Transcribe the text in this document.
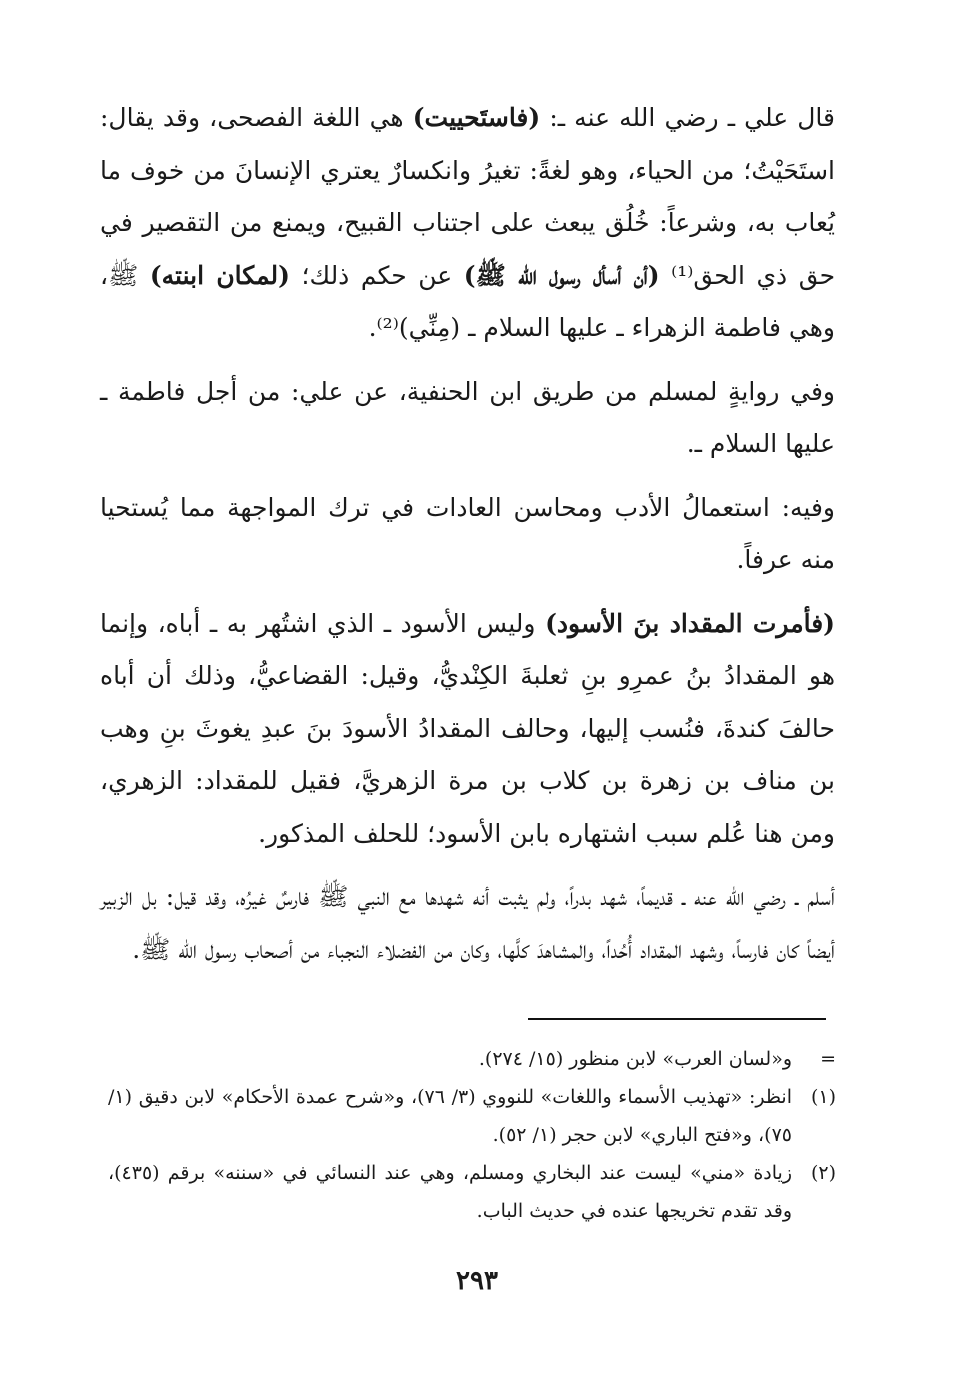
قال علي ـ رضي الله عنه ـ: (فاستَحييت) هي اللغة الفصحى، وقد يقال: استَحَيْتُ؛ من الحياء، وهو لغةً: تغيرُ وانكسارٌ يعتري الإنسانَ من خوف ما يُعاب به، وشرعاً: خُلُق يبعث على اجتناب القبيح، ويمنع من التقصير في حق ذي الحق⁽¹⁾ (أن أسأل رسول الله ﷺ) عن حكم ذلك؛ (لمكان ابنته) ﷺ، وهي فاطمة الزهراء ـ عليها السلام ـ (مِنِّي)⁽²⁾.

وفي روايةٍ لمسلم من طريق ابن الحنفية، عن علي: من أجل فاطمة ـ عليها السلام ـ.

وفيه: استعمالُ الأدب ومحاسن العادات في ترك المواجهة مما يُستحيا منه عرفاً.

(فأمرت المقداد بنَ الأسود) وليس الأسود ـ الذي اشتُهر به ـ أباه، وإنما هو المقدادُ بنُ عمرِو بنِ ثعلبةَ الكِنْديُّ، وقيل: القضاعيُّ، وذلك أن أباه حالفَ كندةَ، فنُسب إليها، وحالف المقدادُ الأسودَ بنَ عبدِ يغوثَ بنِ وهب بن مناف بن زهرة بن كلاب بن مرة الزهريَّ، فقيل للمقداد: الزهري، ومن هنا عُلم سبب اشتهاره بابن الأسود؛ للحلف المذكور.

أسلم ـ رضي الله عنه ـ قديماً، شهد بدراً، ولم يثبت أنه شهدها مع النبي ﷺ فارسٌ غيرُه، وقد قيل: بل الزبير أيضاً كان فارساً، وشهد المقداد أُحُداً، والمشاهدَ كلَّها، وكان من الفضلاء النجباء من أصحاب رسول الله ﷺ.

=
و«لسان العرب» لابن منظور (١٥/ ٢٧٤).
(١)
انظر: «تهذيب الأسماء واللغات» للنووي (٣/ ٧٦)، و«شرح عمدة الأحكام» لابن دقيق (١/ ٧٥)، و«فتح الباري» لابن حجر (١/ ٥٢).
(٢)
زيادة «مني» ليست عند البخاري ومسلم، وهي عند النسائي في «سننه» برقم (٤٣٥)، وقد تقدم تخريجها عنده في حديث الباب.
٢٩٣
